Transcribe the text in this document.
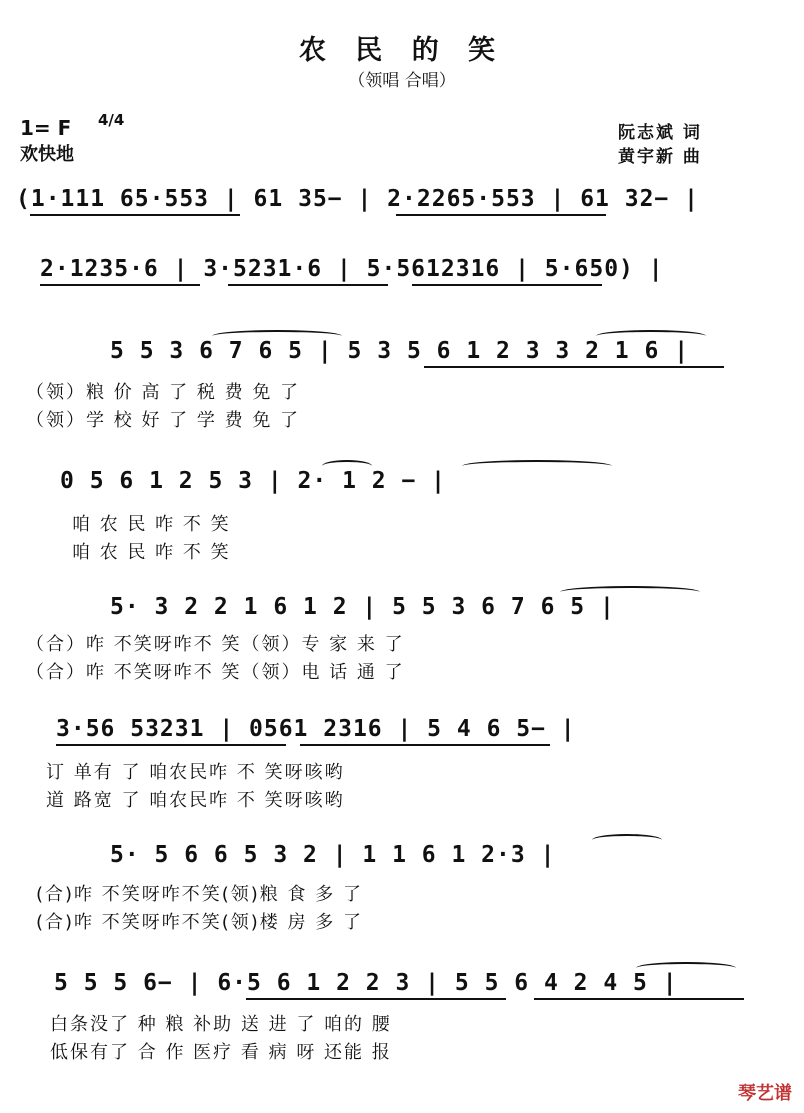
农 民 的 笑
（领唱 合唱）
1= F 4/4
欢快地
阮志斌 词
黄宇新 曲
(1·111 65·553 | 61 35− | 2·2265·553 | 61 32− |
2·1235·6 | 3·5231·6 | 5·5612316 | 5·650) |
5 5 3 6 7 6 5 | 5 3 5 6 1 2 3 3 2 1 6 |
（领）粮 价 高 了 税 费 免 了
（领）学 校 好 了 学 费 免 了
0 5 6 1 2 5 3 | 2· 1 2 − |
咱 农 民 咋 不 笑
咱 农 民 咋 不 笑
5· 3 2 2 1 6 1 2 | 5 5 3 6 7 6 5 |
（合）咋 不笑呀咋不 笑（领）专 家 来 了
（合）咋 不笑呀咋不 笑（领）电 话 通 了
3·56 53231 | 0561 2316 | 5 4 6 5− |
订 单有 了 咱农民咋 不 笑呀咳哟
道 路宽 了 咱农民咋 不 笑呀咳哟
5· 5 6 6 5 3 2 | 1 1 6 1 2·3 |
(合)咋 不笑呀咋不笑(领)粮 食 多 了
(合)咋 不笑呀咋不笑(领)楼 房 多 了
5 5 5 6− | 6·5 6 1 2 2 3 | 5 5 6 4 2 4 5 |
白条没了 种 粮 补助 送 进 了 咱的 腰
低保有了 合 作 医疗 看 病 呀 还能 报
琴艺谱
